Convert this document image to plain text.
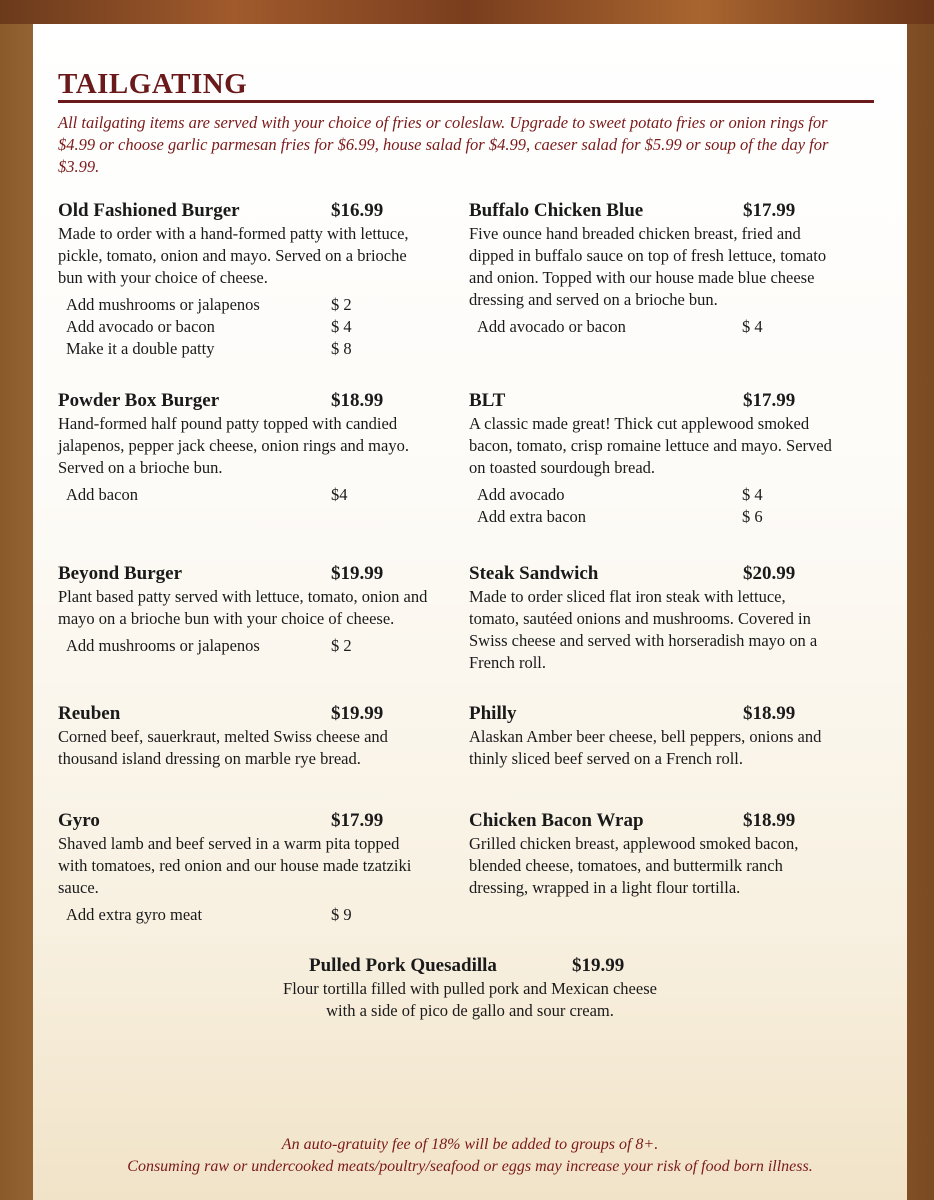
TAILGATING
All tailgating items are served with your choice of fries or coleslaw. Upgrade to sweet potato fries or onion rings for $4.99 or choose garlic parmesan fries for $6.99, house salad for $4.99, caeser salad for $5.99 or soup of the day for $3.99.
Old Fashioned Burger	$16.99
Made to order with a hand-formed patty with lettuce,
pickle, tomato, onion and mayo. Served on a brioche
bun with your choice of cheese.
Add mushrooms or jalapenos	$ 2
Add avocado or bacon	$ 4
Make it a double patty	$ 8
Buffalo Chicken Blue	$17.99
Five ounce hand breaded chicken breast, fried and
dipped in buffalo sauce on top of fresh lettuce, tomato
and onion. Topped with our house made blue cheese
dressing and served on a brioche bun.
Add avocado or bacon	$ 4
Powder Box Burger	$18.99
Hand-formed half pound patty topped with candied
jalapenos, pepper jack cheese, onion rings and mayo.
Served on a brioche bun.
Add bacon	$4
BLT	$17.99
A classic made great! Thick cut applewood smoked
bacon, tomato, crisp romaine lettuce and mayo. Served
on toasted sourdough bread.
Add avocado	$ 4
Add extra bacon	$ 6
Beyond Burger	$19.99
Plant based patty served with lettuce, tomato, onion and
mayo on a brioche bun with your choice of cheese.
Add mushrooms or jalapenos	$ 2
Steak Sandwich	$20.99
Made to order sliced flat iron steak with lettuce,
tomato, sautéed onions and mushrooms. Covered in
Swiss cheese and served with horseradish mayo on a
French roll.
Reuben	$19.99
Corned beef, sauerkraut, melted Swiss cheese and
thousand island dressing on marble rye bread.
Philly	$18.99
Alaskan Amber beer cheese, bell peppers, onions and
thinly sliced beef served on a French roll.
Gyro	$17.99
Shaved lamb and beef served in a warm pita topped
with tomatoes, red onion and our house made tzatziki
sauce.
Add extra gyro meat	$ 9
Chicken Bacon Wrap	$18.99
Grilled chicken breast, applewood smoked bacon,
blended cheese, tomatoes, and buttermilk ranch
dressing, wrapped in a light flour tortilla.
Pulled Pork Quesadilla	$19.99
Flour tortilla filled with pulled pork and Mexican cheese
with a side of pico de gallo and sour cream.
An auto-gratuity fee of 18% will be added to groups of 8+.
Consuming raw or undercooked meats/poultry/seafood or eggs may increase your risk of food born illness.
